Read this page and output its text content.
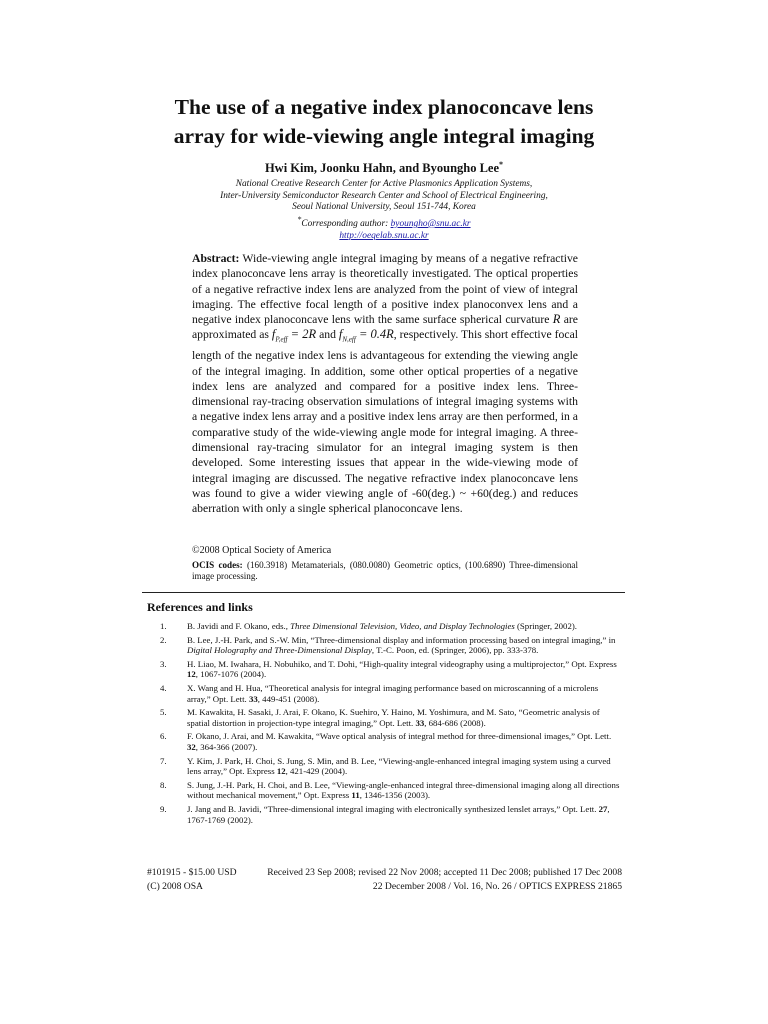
The use of a negative index planoconcave lens
array for wide-viewing angle integral imaging
Hwi Kim, Joonku Hahn, and Byoungho Lee*
National Creative Research Center for Active Plasmonics Application Systems,
Inter-University Semiconductor Research Center and School of Electrical Engineering,
Seoul National University, Seoul 151-744, Korea
*Corresponding author: byoungho@snu.ac.kr
http://oeqelab.snu.ac.kr
Abstract: Wide-viewing angle integral imaging by means of a negative refractive index planoconcave lens array is theoretically investigated. The optical properties of a negative refractive index lens are analyzed from the point of view of integral imaging. The effective focal length of a positive index planoconvex lens and a negative index planoconcave lens with the same surface spherical curvature R are approximated as $f_{P,eff} = 2R$ and $f_{N,eff} = 0.4R$, respectively. This short effective focal length of the negative index lens is advantageous for extending the viewing angle of the integral imaging. In addition, some other optical properties of a negative index lens are analyzed and compared for a positive index lens. Three-dimensional ray-tracing observation simulations of integral imaging systems with a negative index lens array and a positive index lens array are then performed, in a comparative study of the wide-viewing angle mode for integral imaging. A three-dimensional ray-tracing simulator for an integral imaging system is then developed. Some interesting issues that appear in the wide-viewing mode of integral imaging are discussed. The negative refractive index planoconcave lens was found to give a wider viewing angle of -60(deg.) ~ +60(deg.) and reduces aberration with only a single spherical planoconcave lens.
©2008 Optical Society of America
OCIS codes: (160.3918) Metamaterials, (080.0080) Geometric optics, (100.6890) Three-dimensional image processing.
References and links
1.	B. Javidi and F. Okano, eds., Three Dimensional Television, Video, and Display Technologies (Springer, 2002).
2.	B. Lee, J.-H. Park, and S.-W. Min, “Three-dimensional display and information processing based on integral imaging,” in Digital Holography and Three-Dimensional Display, T.-C. Poon, ed. (Springer, 2006), pp. 333-378.
3.	H. Liao, M. Iwahara, H. Nobuhiko, and T. Dohi, “High-quality integral videography using a multiprojector,” Opt. Express 12, 1067-1076 (2004).
4.	X. Wang and H. Hua, “Theoretical analysis for integral imaging performance based on microscanning of a microlens array,” Opt. Lett. 33, 449-451 (2008).
5.	M. Kawakita, H. Sasaki, J. Arai, F. Okano, K. Suehiro, Y. Haino, M. Yoshimura, and M. Sato, “Geometric analysis of spatial distortion in projection-type integral imaging,” Opt. Lett. 33, 684-686 (2008).
6.	F. Okano, J. Arai, and M. Kawakita, “Wave optical analysis of integral method for three-dimensional images,” Opt. Lett. 32, 364-366 (2007).
7.	Y. Kim, J. Park, H. Choi, S. Jung, S. Min, and B. Lee, “Viewing-angle-enhanced integral imaging system using a curved lens array,” Opt. Express 12, 421-429 (2004).
8.	S. Jung, J.-H. Park, H. Choi, and B. Lee, “Viewing-angle-enhanced integral three-dimensional imaging along all directions without mechanical movement,” Opt. Express 11, 1346-1356 (2003).
9.	J. Jang and B. Javidi, “Three-dimensional integral imaging with electronically synthesized lenslet arrays,” Opt. Lett. 27, 1767-1769 (2002).
#101915 - $15.00 USD	Received 23 Sep 2008; revised 22 Nov 2008; accepted 11 Dec 2008; published 17 Dec 2008
(C) 2008 OSA	22 December 2008 / Vol. 16, No. 26 / OPTICS EXPRESS 21865
